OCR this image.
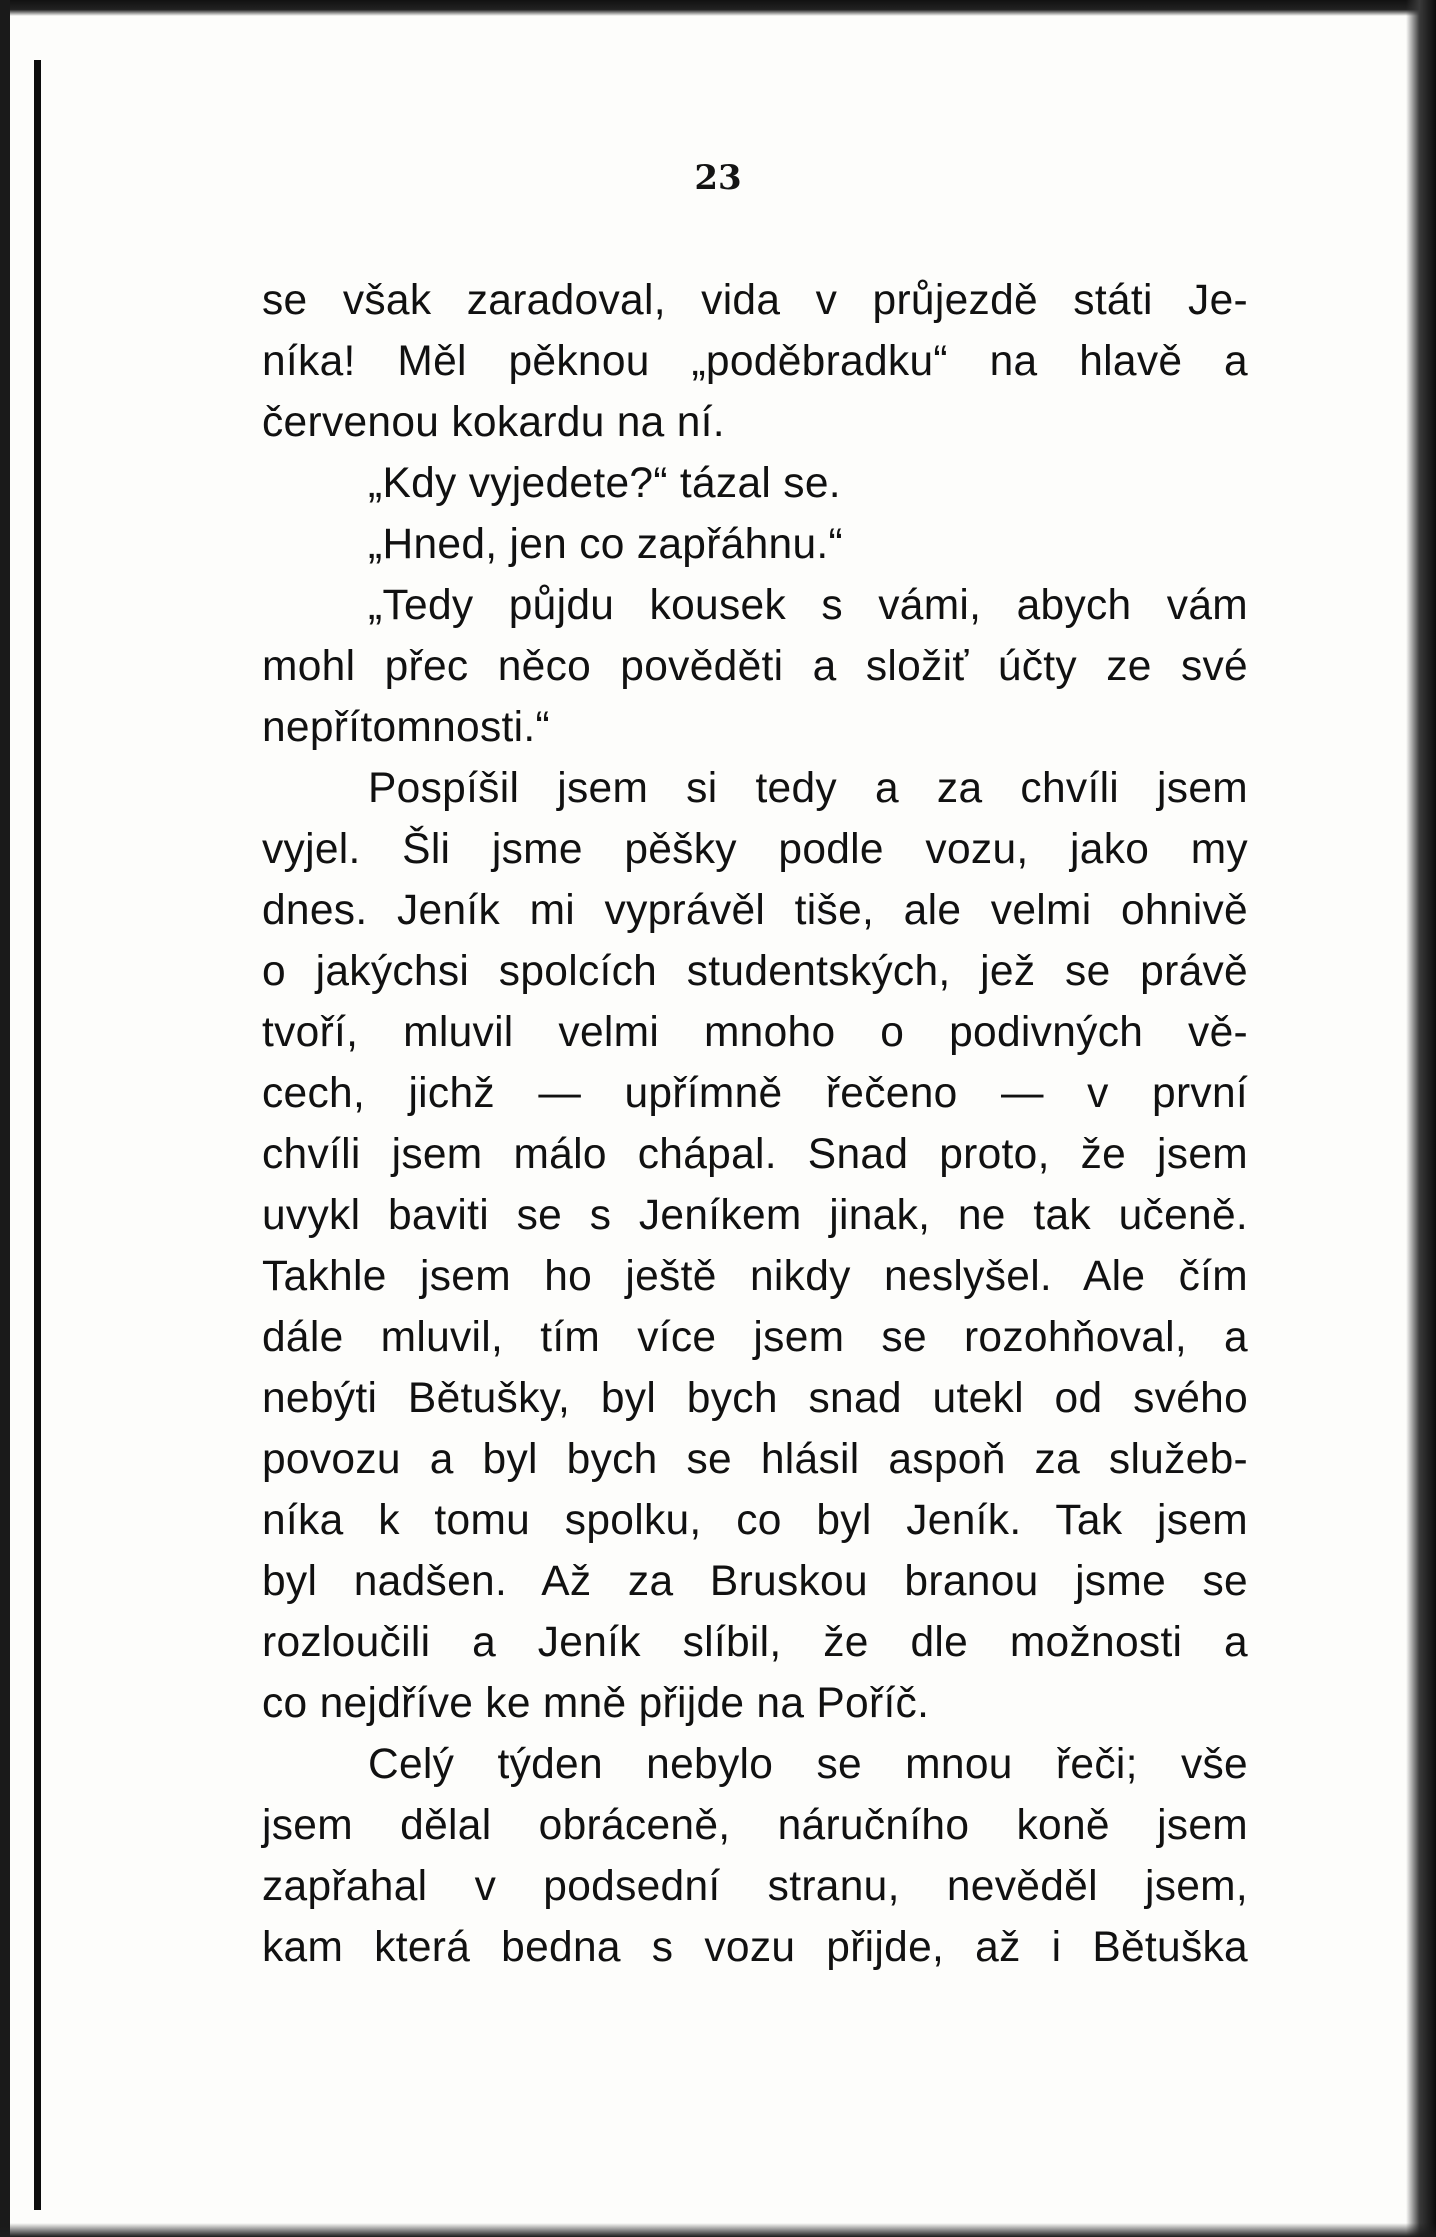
23
se však zaradoval, vida v průjezdě státi Je-
níka! Měl pěknou „poděbradku“ na hlavě a
červenou kokardu na ní.
„Kdy vyjedete?“ tázal se.
„Hned, jen co zapřáhnu.“
„Tedy půjdu kousek s vámi, abych vám
mohl přec něco pověděti a složiť účty ze své
nepřítomnosti.“
Pospíšil jsem si tedy a za chvíli jsem
vyjel. Šli jsme pěšky podle vozu, jako my
dnes. Jeník mi vyprávěl tiše, ale velmi ohnivě
o jakýchsi spolcích studentských, jež se právě
tvoří, mluvil velmi mnoho o podivných vě-
cech, jichž — upřímně řečeno — v první
chvíli jsem málo chápal. Snad proto, že jsem
uvykl baviti se s Jeníkem jinak, ne tak učeně.
Takhle jsem ho ještě nikdy neslyšel. Ale čím
dále mluvil, tím více jsem se rozohňoval, a
nebýti Bětušky, byl bych snad utekl od svého
povozu a byl bych se hlásil aspoň za služeb-
níka k tomu spolku, co byl Jeník. Tak jsem
byl nadšen. Až za Bruskou branou jsme se
rozloučili a Jeník slíbil, že dle možnosti a
co nejdříve ke mně přijde na Poříč.
Celý týden nebylo se mnou řeči; vše
jsem dělal obráceně, náručního koně jsem
zapřahal v podsední stranu, nevěděl jsem,
kam která bedna s vozu přijde, až i Bětuška
